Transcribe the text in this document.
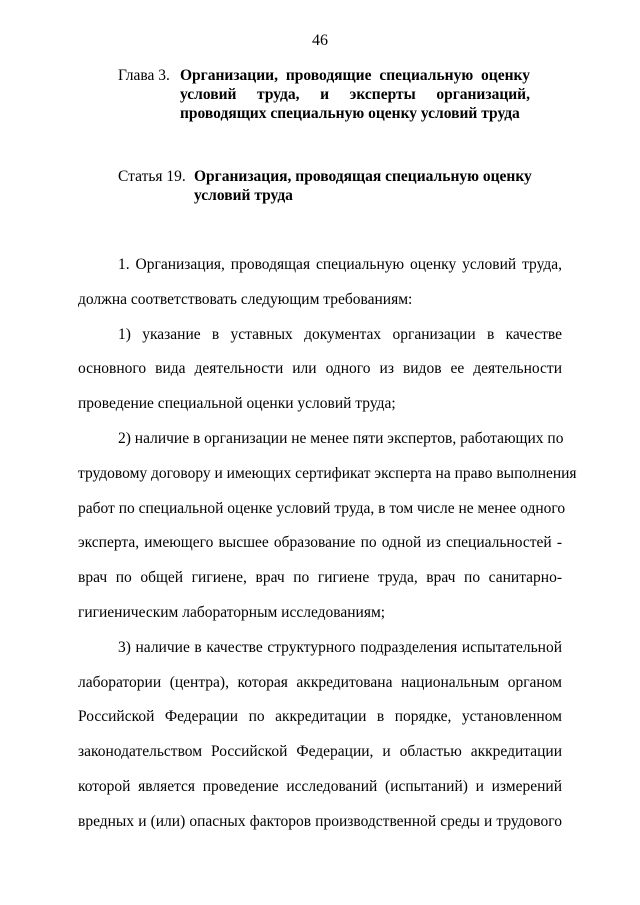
46
Глава 3. Организации, проводящие специальную оценку
условий труда, и эксперты организаций,
проводящих специальную оценку условий труда
Статья 19. Организация, проводящая специальную оценку
условий труда
1. Организация, проводящая специальную оценку условий труда,
должна соответствовать следующим требованиям:
1) указание в уставных документах организации в качестве
основного вида деятельности или одного из видов ее деятельности
проведение специальной оценки условий труда;
2) наличие в организации не менее пяти экспертов, работающих по
трудовому договору и имеющих сертификат эксперта на право выполнения
работ по специальной оценке условий труда, в том числе не менее одного
эксперта, имеющего высшее образование по одной из специальностей -
врач по общей гигиене, врач по гигиене труда, врач по санитарно-
гигиеническим лабораторным исследованиям;
3) наличие в качестве структурного подразделения испытательной
лаборатории (центра), которая аккредитована национальным органом
Российской Федерации по аккредитации в порядке, установленном
законодательством Российской Федерации, и областью аккредитации
которой является проведение исследований (испытаний) и измерений
вредных и (или) опасных факторов производственной среды и трудового
